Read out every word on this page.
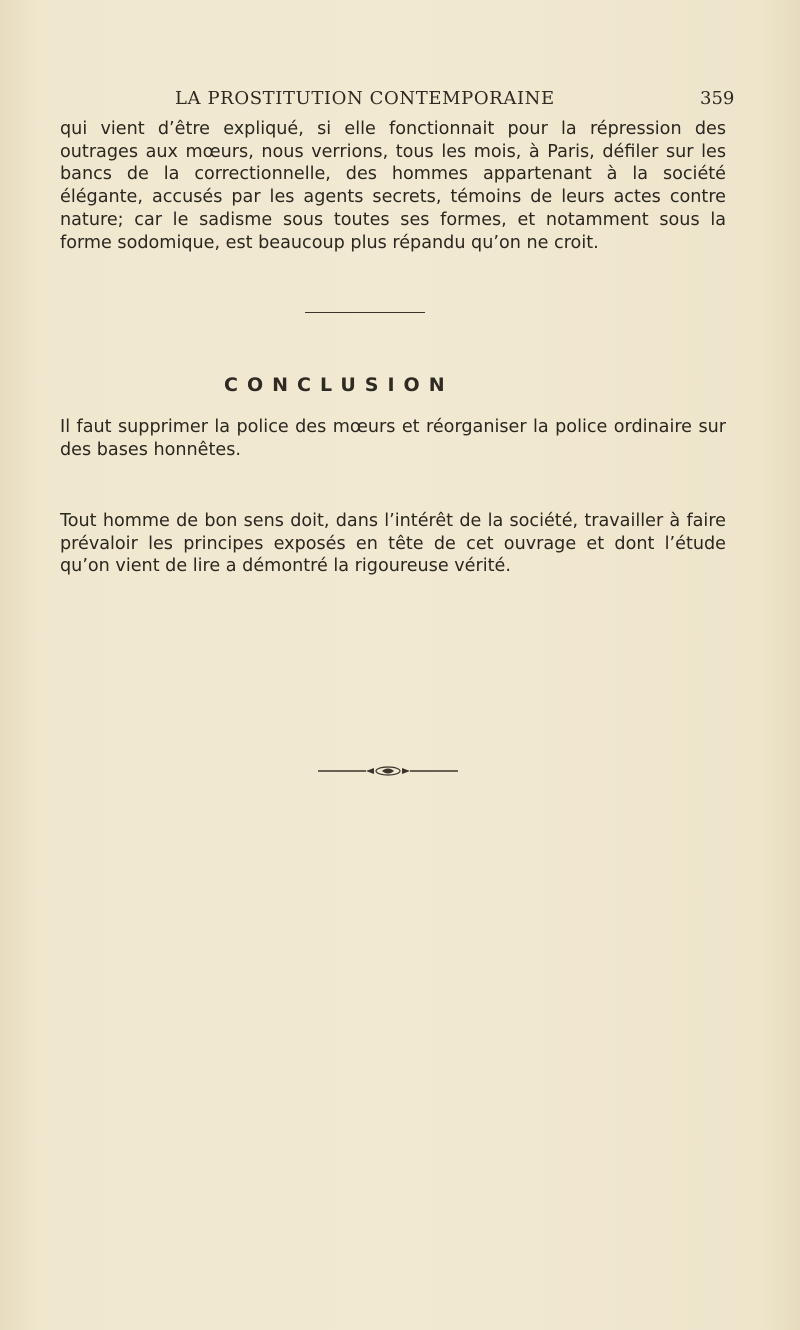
LA PROSTITUTION CONTEMPORAINE	359

qui vient d’être expliqué, si elle fonctionnait pour la répression des outrages aux mœurs, nous verrions, tous les mois, à Paris, défiler sur les bancs de la correctionnelle, des hommes appartenant à la société élégante, accusés par les agents secrets, témoins de leurs actes contre nature; car le sadisme sous toutes ses formes, et notamment sous la forme sodomique, est beaucoup plus répandu qu’on ne croit.

CONCLUSION

Il faut supprimer la police des mœurs et réorganiser la police ordinaire sur des bases honnêtes.

Tout homme de bon sens doit, dans l’intérêt de la société, travailler à faire prévaloir les principes exposés en tête de cet ouvrage et dont l’étude qu’on vient de lire a démontré la rigoureuse vérité.
